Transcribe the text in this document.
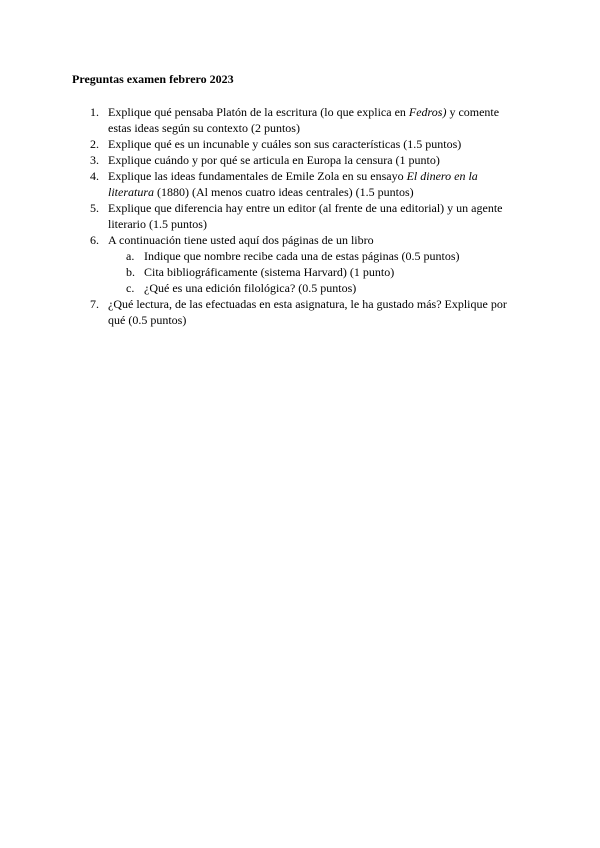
Preguntas examen febrero 2023

1. Explique qué pensaba Platón de la escritura (lo que explica en Fedros) y comente estas ideas según su contexto (2 puntos)
2. Explique qué es un incunable y cuáles son sus características (1.5 puntos)
3. Explique cuándo y por qué se articula en Europa la censura (1 punto)
4. Explique las ideas fundamentales de Emile Zola en su ensayo El dinero en la literatura (1880) (Al menos cuatro ideas centrales) (1.5 puntos)
5. Explique que diferencia hay entre un editor (al frente de una editorial) y un agente literario (1.5 puntos)
6. A continuación tiene usted aquí dos páginas de un libro
a. Indique que nombre recibe cada una de estas páginas (0.5 puntos)
b. Cita bibliográficamente (sistema Harvard) (1 punto)
c. ¿Qué es una edición filológica? (0.5 puntos)
7. ¿Qué lectura, de las efectuadas en esta asignatura, le ha gustado más? Explique por qué (0.5 puntos)
